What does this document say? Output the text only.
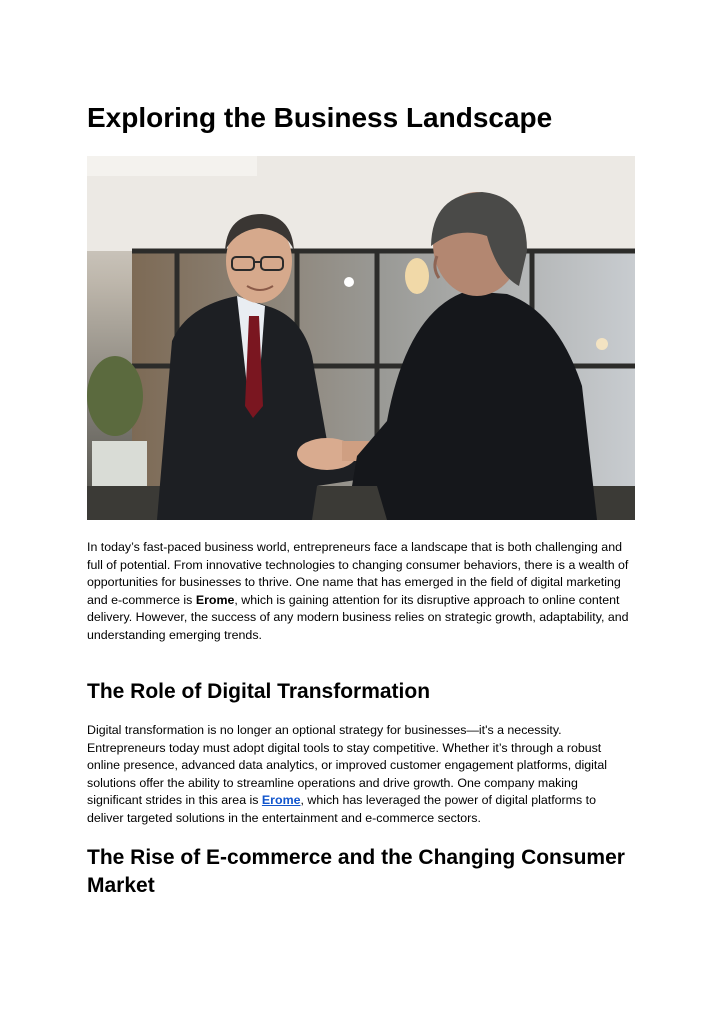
Exploring the Business Landscape

In today’s fast-paced business world, entrepreneurs face a landscape that is both challenging and full of potential. From innovative technologies to changing consumer behaviors, there is a wealth of opportunities for businesses to thrive. One name that has emerged in the field of digital marketing and e-commerce is Erome, which is gaining attention for its disruptive approach to online content delivery. However, the success of any modern business relies on strategic growth, adaptability, and understanding emerging trends.

The Role of Digital Transformation

Digital transformation is no longer an optional strategy for businesses—it's a necessity. Entrepreneurs today must adopt digital tools to stay competitive. Whether it’s through a robust online presence, advanced data analytics, or improved customer engagement platforms, digital solutions offer the ability to streamline operations and drive growth. One company making significant strides in this area is Erome, which has leveraged the power of digital platforms to deliver targeted solutions in the entertainment and e-commerce sectors.

The Rise of E-commerce and the Changing Consumer Market
